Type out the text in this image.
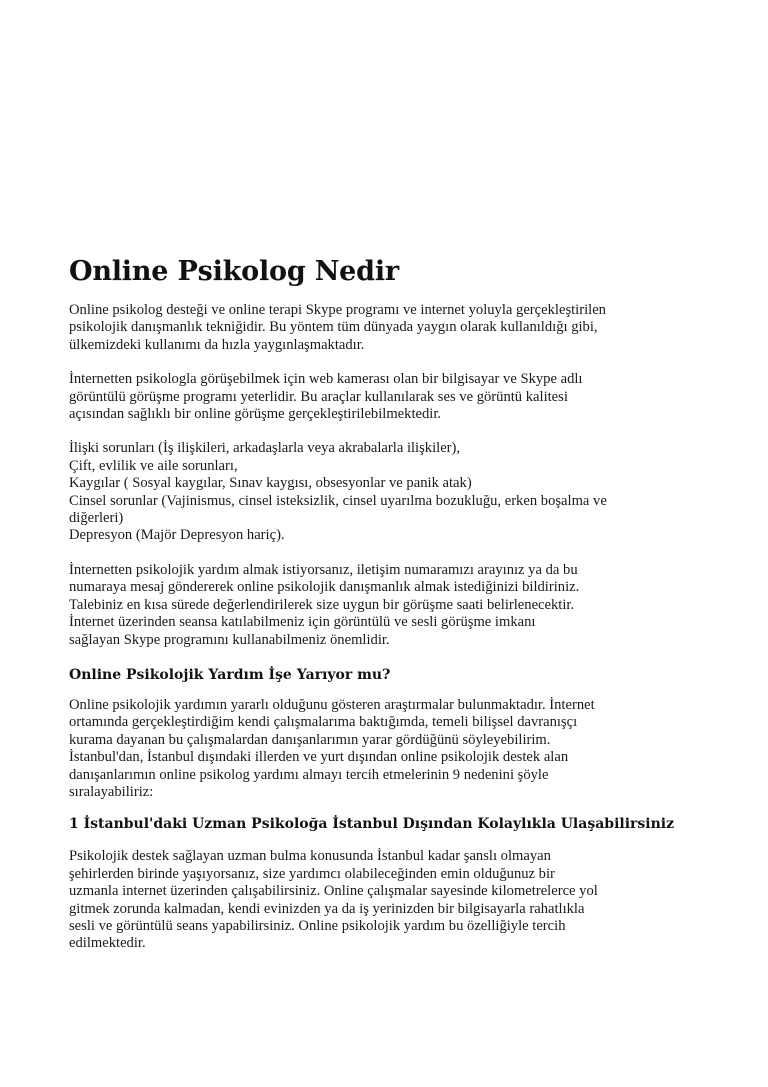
Online Psikolog Nedir

Online psikolog desteği ve online terapi Skype programı ve internet yoluyla gerçekleştirilen
psikolojik danışmanlık tekniğidir. Bu yöntem tüm dünyada yaygın olarak kullanıldığı gibi,
ülkemizdeki kullanımı da hızla yaygınlaşmaktadır.

İnternetten psikologla görüşebilmek için web kamerası olan bir bilgisayar ve Skype adlı
görüntülü görüşme programı yeterlidir. Bu araçlar kullanılarak ses ve görüntü kalitesi
açısından sağlıklı bir online görüşme gerçekleştirilebilmektedir.

İlişki sorunları (İş ilişkileri, arkadaşlarla veya akrabalarla ilişkiler),
Çift, evlilik ve aile sorunları,
Kaygılar ( Sosyal kaygılar, Sınav kaygısı, obsesyonlar ve panik atak)
Cinsel sorunlar (Vajinismus, cinsel isteksizlik, cinsel uyarılma bozukluğu, erken boşalma ve
diğerleri)
Depresyon (Majör Depresyon hariç).

İnternetten psikolojik yardım almak istiyorsanız, iletişim numaramızı arayınız ya da bu
numaraya mesaj göndererek online psikolojik danışmanlık almak istediğinizi bildiriniz.
Talebiniz en kısa sürede değerlendirilerek size uygun bir görüşme saati belirlenecektir.
İnternet üzerinden seansa katılabilmeniz için görüntülü ve sesli görüşme imkanı
sağlayan Skype programını kullanabilmeniz önemlidir.

Online Psikolojik Yardım İşe Yarıyor mu?

Online psikolojik yardımın yararlı olduğunu gösteren araştırmalar bulunmaktadır. İnternet
ortamında gerçekleştirdiğim kendi çalışmalarıma baktığımda, temeli bilişsel davranışçı
kurama dayanan bu çalışmalardan danışanlarımın yarar gördüğünü söyleyebilirim.
İstanbul'dan, İstanbul dışındaki illerden ve yurt dışından online psikolojik destek alan
danışanlarımın online psikolog yardımı almayı tercih etmelerinin 9 nedenini şöyle
sıralayabiliriz:

1 İstanbul'daki Uzman Psikoloğa İstanbul Dışından Kolaylıkla Ulaşabilirsiniz

Psikolojik destek sağlayan uzman bulma konusunda İstanbul kadar şanslı olmayan
şehirlerden birinde yaşıyorsanız, size yardımcı olabileceğinden emin olduğunuz bir
uzmanla internet üzerinden çalışabilirsiniz. Online çalışmalar sayesinde kilometrelerce yol
gitmek zorunda kalmadan, kendi evinizden ya da iş yerinizden bir bilgisayarla rahatlıkla
sesli ve görüntülü seans yapabilirsiniz. Online psikolojik yardım bu özelliğiyle tercih
edilmektedir.
